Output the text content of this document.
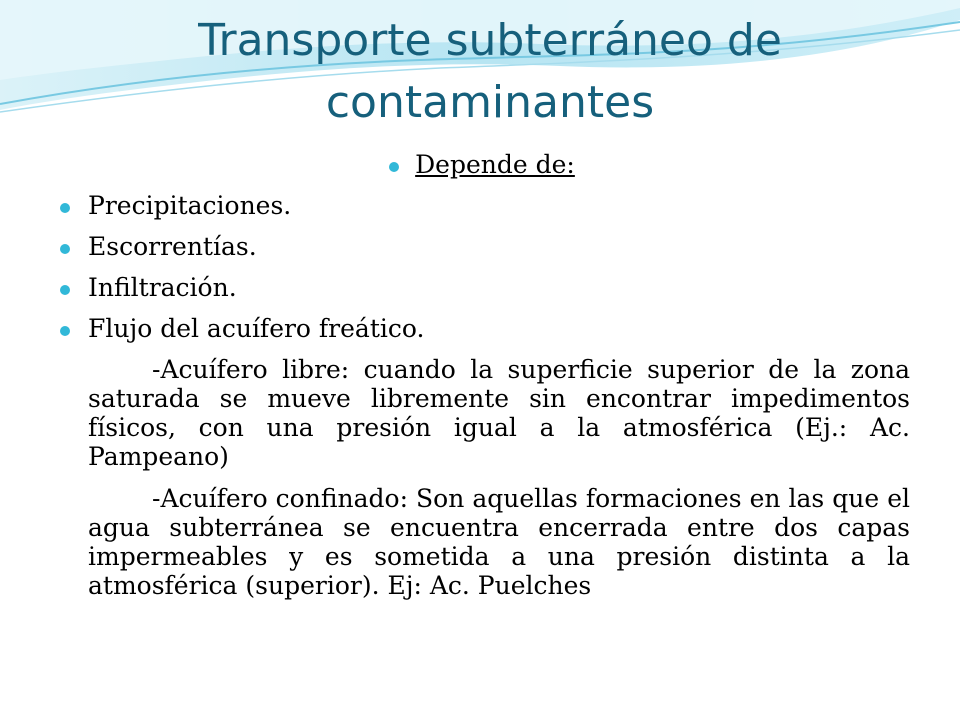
Transporte subterráneo de
contaminantes
Depende de:
Precipitaciones.
Escorrentías.
Infiltración.
Flujo del acuífero freático.

-Acuífero libre: cuando la superficie superior de la zona saturada se mueve libremente sin encontrar impedimentos físicos, con una presión igual a la atmosférica (Ej.: Ac. Pampeano)

-Acuífero confinado: Son aquellas formaciones en las que el agua subterránea se encuentra encerrada entre dos capas impermeables y es sometida a una presión distinta a la atmosférica (superior). Ej: Ac. Puelches
